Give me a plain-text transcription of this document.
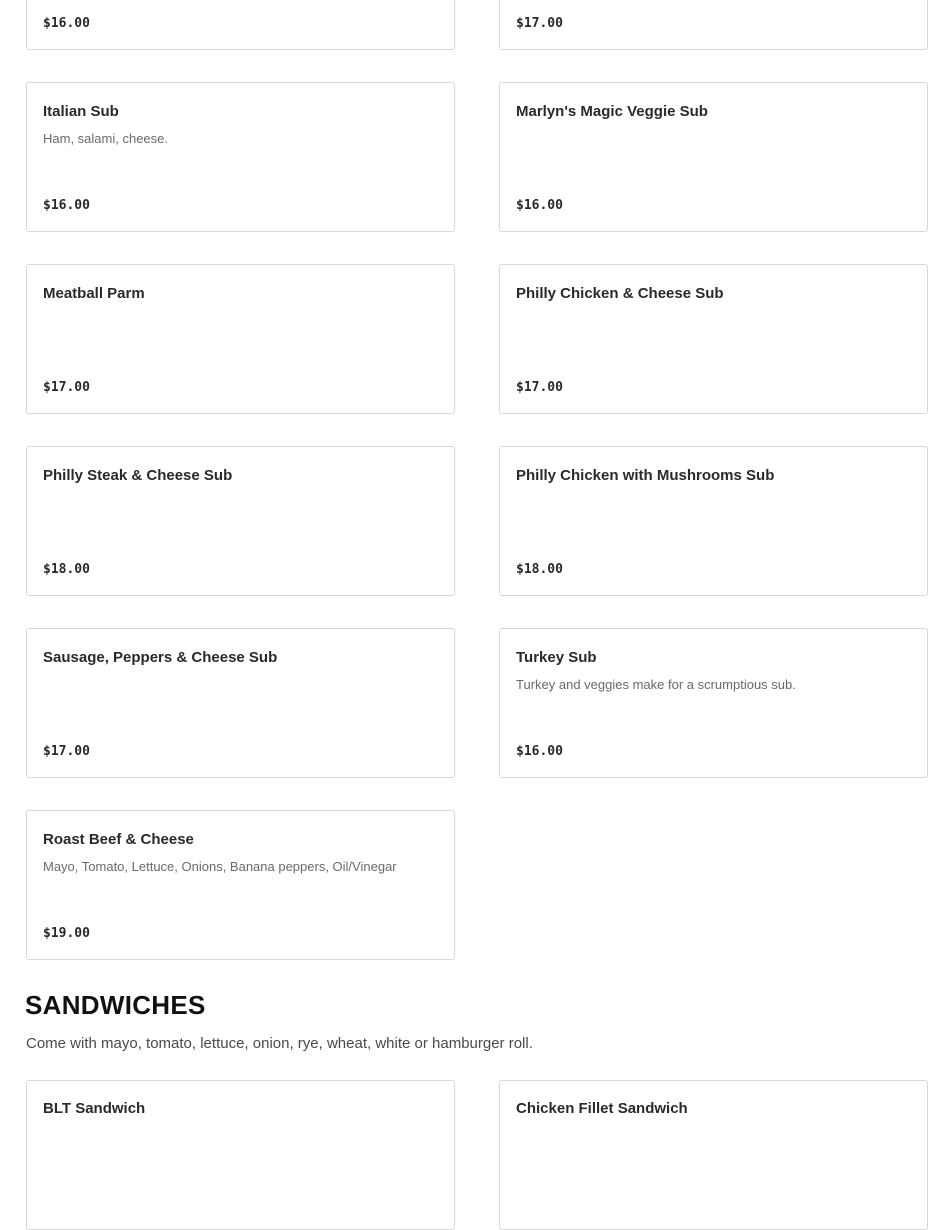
$16.00	$17.00
Italian Sub
Ham, salami, cheese.
$16.00
Marlyn's Magic Veggie Sub
$16.00
Meatball Parm
$17.00
Philly Chicken & Cheese Sub
$17.00
Philly Steak & Cheese Sub
$18.00
Philly Chicken with Mushrooms Sub
$18.00
Sausage, Peppers & Cheese Sub
$17.00
Turkey Sub
Turkey and veggies make for a scrumptious sub.
$16.00
Roast Beef & Cheese
Mayo, Tomato, Lettuce, Onions, Banana peppers, Oil/Vinegar
$19.00
SANDWICHES

Come with mayo, tomato, lettuce, onion, rye, wheat, white or hamburger roll.

BLT Sandwich	Chicken Fillet Sandwich
